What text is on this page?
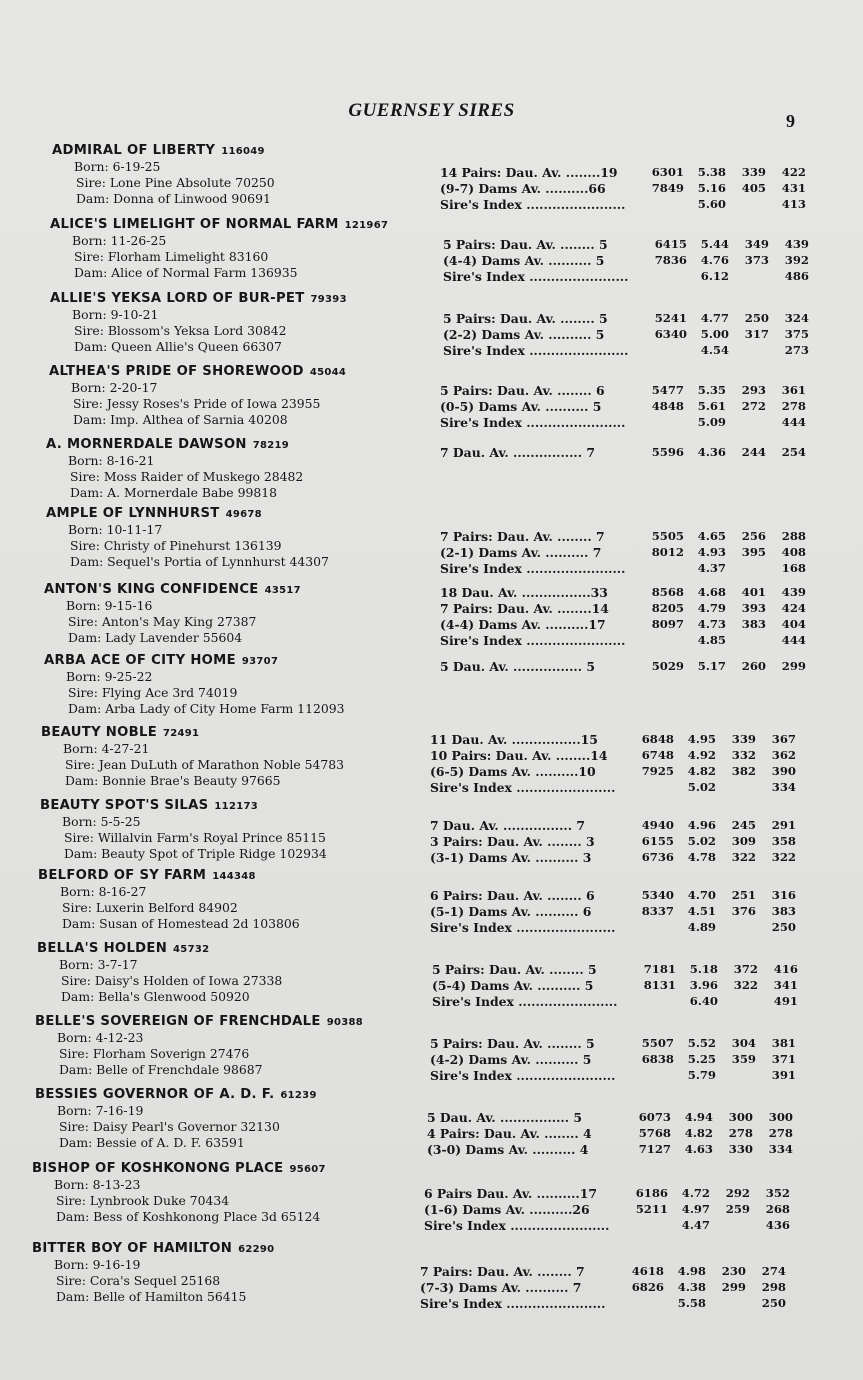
GUERNSEY SIRES	9
ADMIRAL OF LIBERTY 116049
Born: 6-19-25
Sire: Lone Pine Absolute 70250
Dam: Donna of Linwood 90691
14 Pairs: Dau. Av. ........19	6301	5.38	339	422
(9-7) Dams Av. ..........66	7849	5.16	405	431
Sire's Index .......................	5.60	413
ALICE'S LIMELIGHT OF NORMAL FARM 121967
Born: 11-26-25
Sire: Florham Limelight 83160
Dam: Alice of Normal Farm 136935
5 Pairs: Dau. Av. ........ 5	6415	5.44	349	439
(4-4) Dams Av. .......... 5	7836	4.76	373	392
Sire's Index .......................	6.12	486
ALLIE'S YEKSA LORD OF BUR-PET 79393
Born: 9-10-21
Sire: Blossom's Yeksa Lord 30842
Dam: Queen Allie's Queen 66307
5 Pairs: Dau. Av. ........ 5	5241	4.77	250	324
(2-2) Dams Av. .......... 5	6340	5.00	317	375
Sire's Index .......................	4.54	273
ALTHEA'S PRIDE OF SHOREWOOD 45044
Born: 2-20-17
Sire: Jessy Roses's Pride of Iowa 23955
Dam: Imp. Althea of Sarnia 40208
5 Pairs: Dau. Av. ........ 6	5477	5.35	293	361
(0-5) Dams Av. .......... 5	4848	5.61	272	278
Sire's Index .......................	5.09	444
A. MORNERDALE DAWSON 78219
Born: 8-16-21
Sire: Moss Raider of Muskego 28482
Dam: A. Mornerdale Babe 99818
7 Dau. Av. ................ 7	5596	4.36	244	254
AMPLE OF LYNNHURST 49678
Born: 10-11-17
Sire: Christy of Pinehurst 136139
Dam: Sequel's Portia of Lynnhurst 44307
7 Pairs: Dau. Av. ........ 7	5505	4.65	256	288
(2-1) Dams Av. .......... 7	8012	4.93	395	408
Sire's Index .......................	4.37	168
ANTON'S KING CONFIDENCE 43517
Born: 9-15-16
Sire: Anton's May King 27387
Dam: Lady Lavender 55604
18 Dau. Av. ................33	8568	4.68	401	439
7 Pairs: Dau. Av. ........14	8205	4.79	393	424
(4-4) Dams Av. ..........17	8097	4.73	383	404
Sire's Index .......................	4.85	444
ARBA ACE OF CITY HOME 93707
Born: 9-25-22
Sire: Flying Ace 3rd 74019
Dam: Arba Lady of City Home Farm 112093
5 Dau. Av. ................ 5	5029	5.17	260	299
BEAUTY NOBLE 72491
Born: 4-27-21
Sire: Jean DuLuth of Marathon Noble 54783
Dam: Bonnie Brae's Beauty 97665
11 Dau. Av. ................15	6848	4.95	339	367
10 Pairs: Dau. Av. ........14	6748	4.92	332	362
(6-5) Dams Av. ..........10	7925	4.82	382	390
Sire's Index .......................	5.02	334
BEAUTY SPOT'S SILAS 112173
Born: 5-5-25
Sire: Willalvin Farm's Royal Prince 85115
Dam: Beauty Spot of Triple Ridge 102934
7 Dau. Av. ................ 7	4940	4.96	245	291
3 Pairs: Dau. Av. ........ 3	6155	5.02	309	358
(3-1) Dams Av. .......... 3	6736	4.78	322	322
BELFORD OF SY FARM 144348
Born: 8-16-27
Sire: Luxerin Belford 84902
Dam: Susan of Homestead 2d 103806
6 Pairs: Dau. Av. ........ 6	5340	4.70	251	316
(5-1) Dams Av. .......... 6	8337	4.51	376	383
Sire's Index .......................	4.89	250
BELLA'S HOLDEN 45732
Born: 3-7-17
Sire: Daisy's Holden of Iowa 27338
Dam: Bella's Glenwood 50920
5 Pairs: Dau. Av. ........ 5	7181	5.18	372	416
(5-4) Dams Av. .......... 5	8131	3.96	322	341
Sire's Index .......................	6.40	491
BELLE'S SOVEREIGN OF FRENCHDALE 90388
Born: 4-12-23
Sire: Florham Soverign 27476
Dam: Belle of Frenchdale 98687
5 Pairs: Dau. Av. ........ 5	5507	5.52	304	381
(4-2) Dams Av. .......... 5	6838	5.25	359	371
Sire's Index .......................	5.79	391
BESSIES GOVERNOR OF A. D. F. 61239
Born: 7-16-19
Sire: Daisy Pearl's Governor 32130
Dam: Bessie of A. D. F. 63591
5 Dau. Av. ................ 5	6073	4.94	300	300
4 Pairs: Dau. Av. ........ 4	5768	4.82	278	278
(3-0) Dams Av. .......... 4	7127	4.63	330	334
BISHOP OF KOSHKONONG PLACE 95607
Born: 8-13-23
Sire: Lynbrook Duke 70434
Dam: Bess of Koshkonong Place 3d 65124
6 Pairs Dau. Av. ..........17	6186	4.72	292	352
(1-6) Dams Av. ..........26	5211	4.97	259	268
Sire's Index .......................	4.47	436
BITTER BOY OF HAMILTON 62290
Born: 9-16-19
Sire: Cora's Sequel 25168
Dam: Belle of Hamilton 56415
7 Pairs: Dau. Av. ........ 7	4618	4.98	230	274
(7-3) Dams Av. .......... 7	6826	4.38	299	298
Sire's Index .......................	5.58	250
